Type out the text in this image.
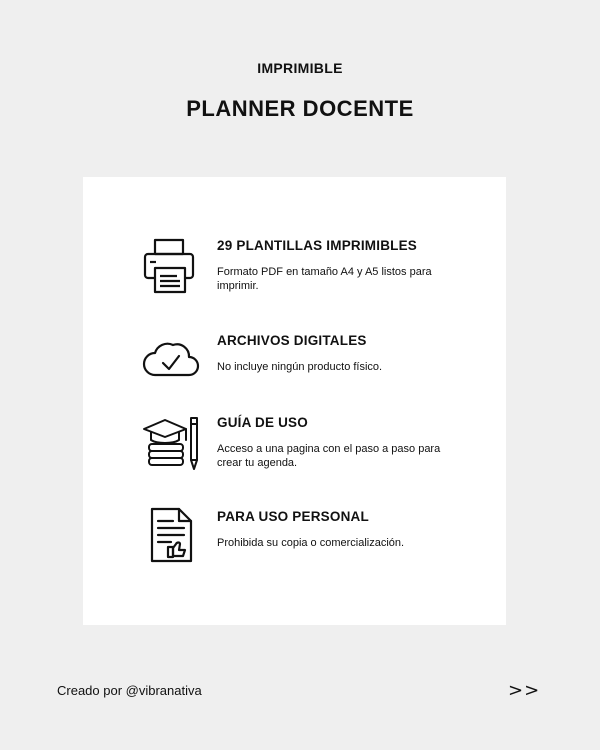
IMPRIMIBLE
PLANNER DOCENTE
29 PLANTILLAS IMPRIMIBLES

Formato PDF en tamaño A4 y A5 listos para imprimir.

ARCHIVOS DIGITALES

No incluye ningún producto físico.

GUÍA DE USO

Acceso a una pagina con el paso a paso para crear tu agenda.

PARA USO PERSONAL

Prohibida su copia o comercialización.

Creado por @vibranativa	>>
